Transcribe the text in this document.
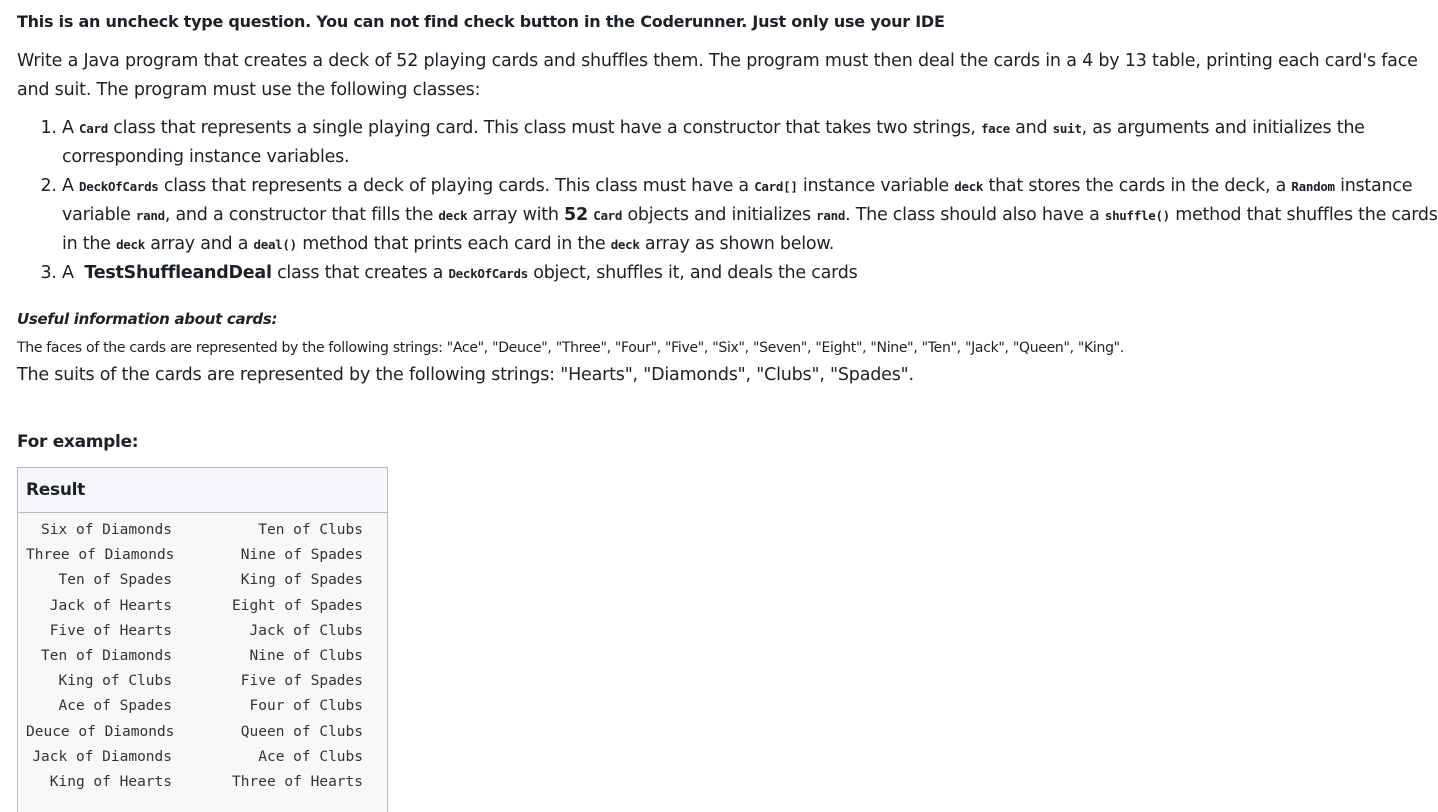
This is an uncheck type question. You can not find check button in the Coderunner. Just only use your IDE

Write a Java program that creates a deck of 52 playing cards and shuffles them. The program must then deal the cards in a 4 by 13 table, printing each card's face and suit. The program must use the following classes:

1. A Card class that represents a single playing card. This class must have a constructor that takes two strings, face and suit, as arguments and initializes the corresponding instance variables.
2. A DeckOfCards class that represents a deck of playing cards. This class must have a Card[] instance variable deck that stores the cards in the deck, a Random instance variable rand, and a constructor that fills the deck array with 52 Card objects and initializes rand. The class should also have a shuffle() method that shuffles the cards in the deck array and a deal() method that prints each card in the deck array as shown below.
3. A  TestShuffleandDeal class that creates a DeckOfCards object, shuffles it, and deals the cards
Useful information about cards:
The faces of the cards are represented by the following strings: "Ace", "Deuce", "Three", "Four", "Five", "Six", "Seven", "Eight", "Nine", "Ten", "Jack", "Queen", "King".
The suits of the cards are represented by the following strings: "Hearts", "Diamonds", "Clubs", "Spades".
For example:
Result
Six of Diamonds	Ten of Clubs
Three of Diamonds	Nine of Spades
Ten of Spades	King of Spades
Jack of Hearts	Eight of Spades
Five of Hearts	Jack of Clubs
Ten of Diamonds	Nine of Clubs
King of Clubs	Five of Spades
Ace of Spades	Four of Clubs
Deuce of Diamonds	Queen of Clubs
Jack of Diamonds	Ace of Clubs
King of Hearts	Three of Hearts
